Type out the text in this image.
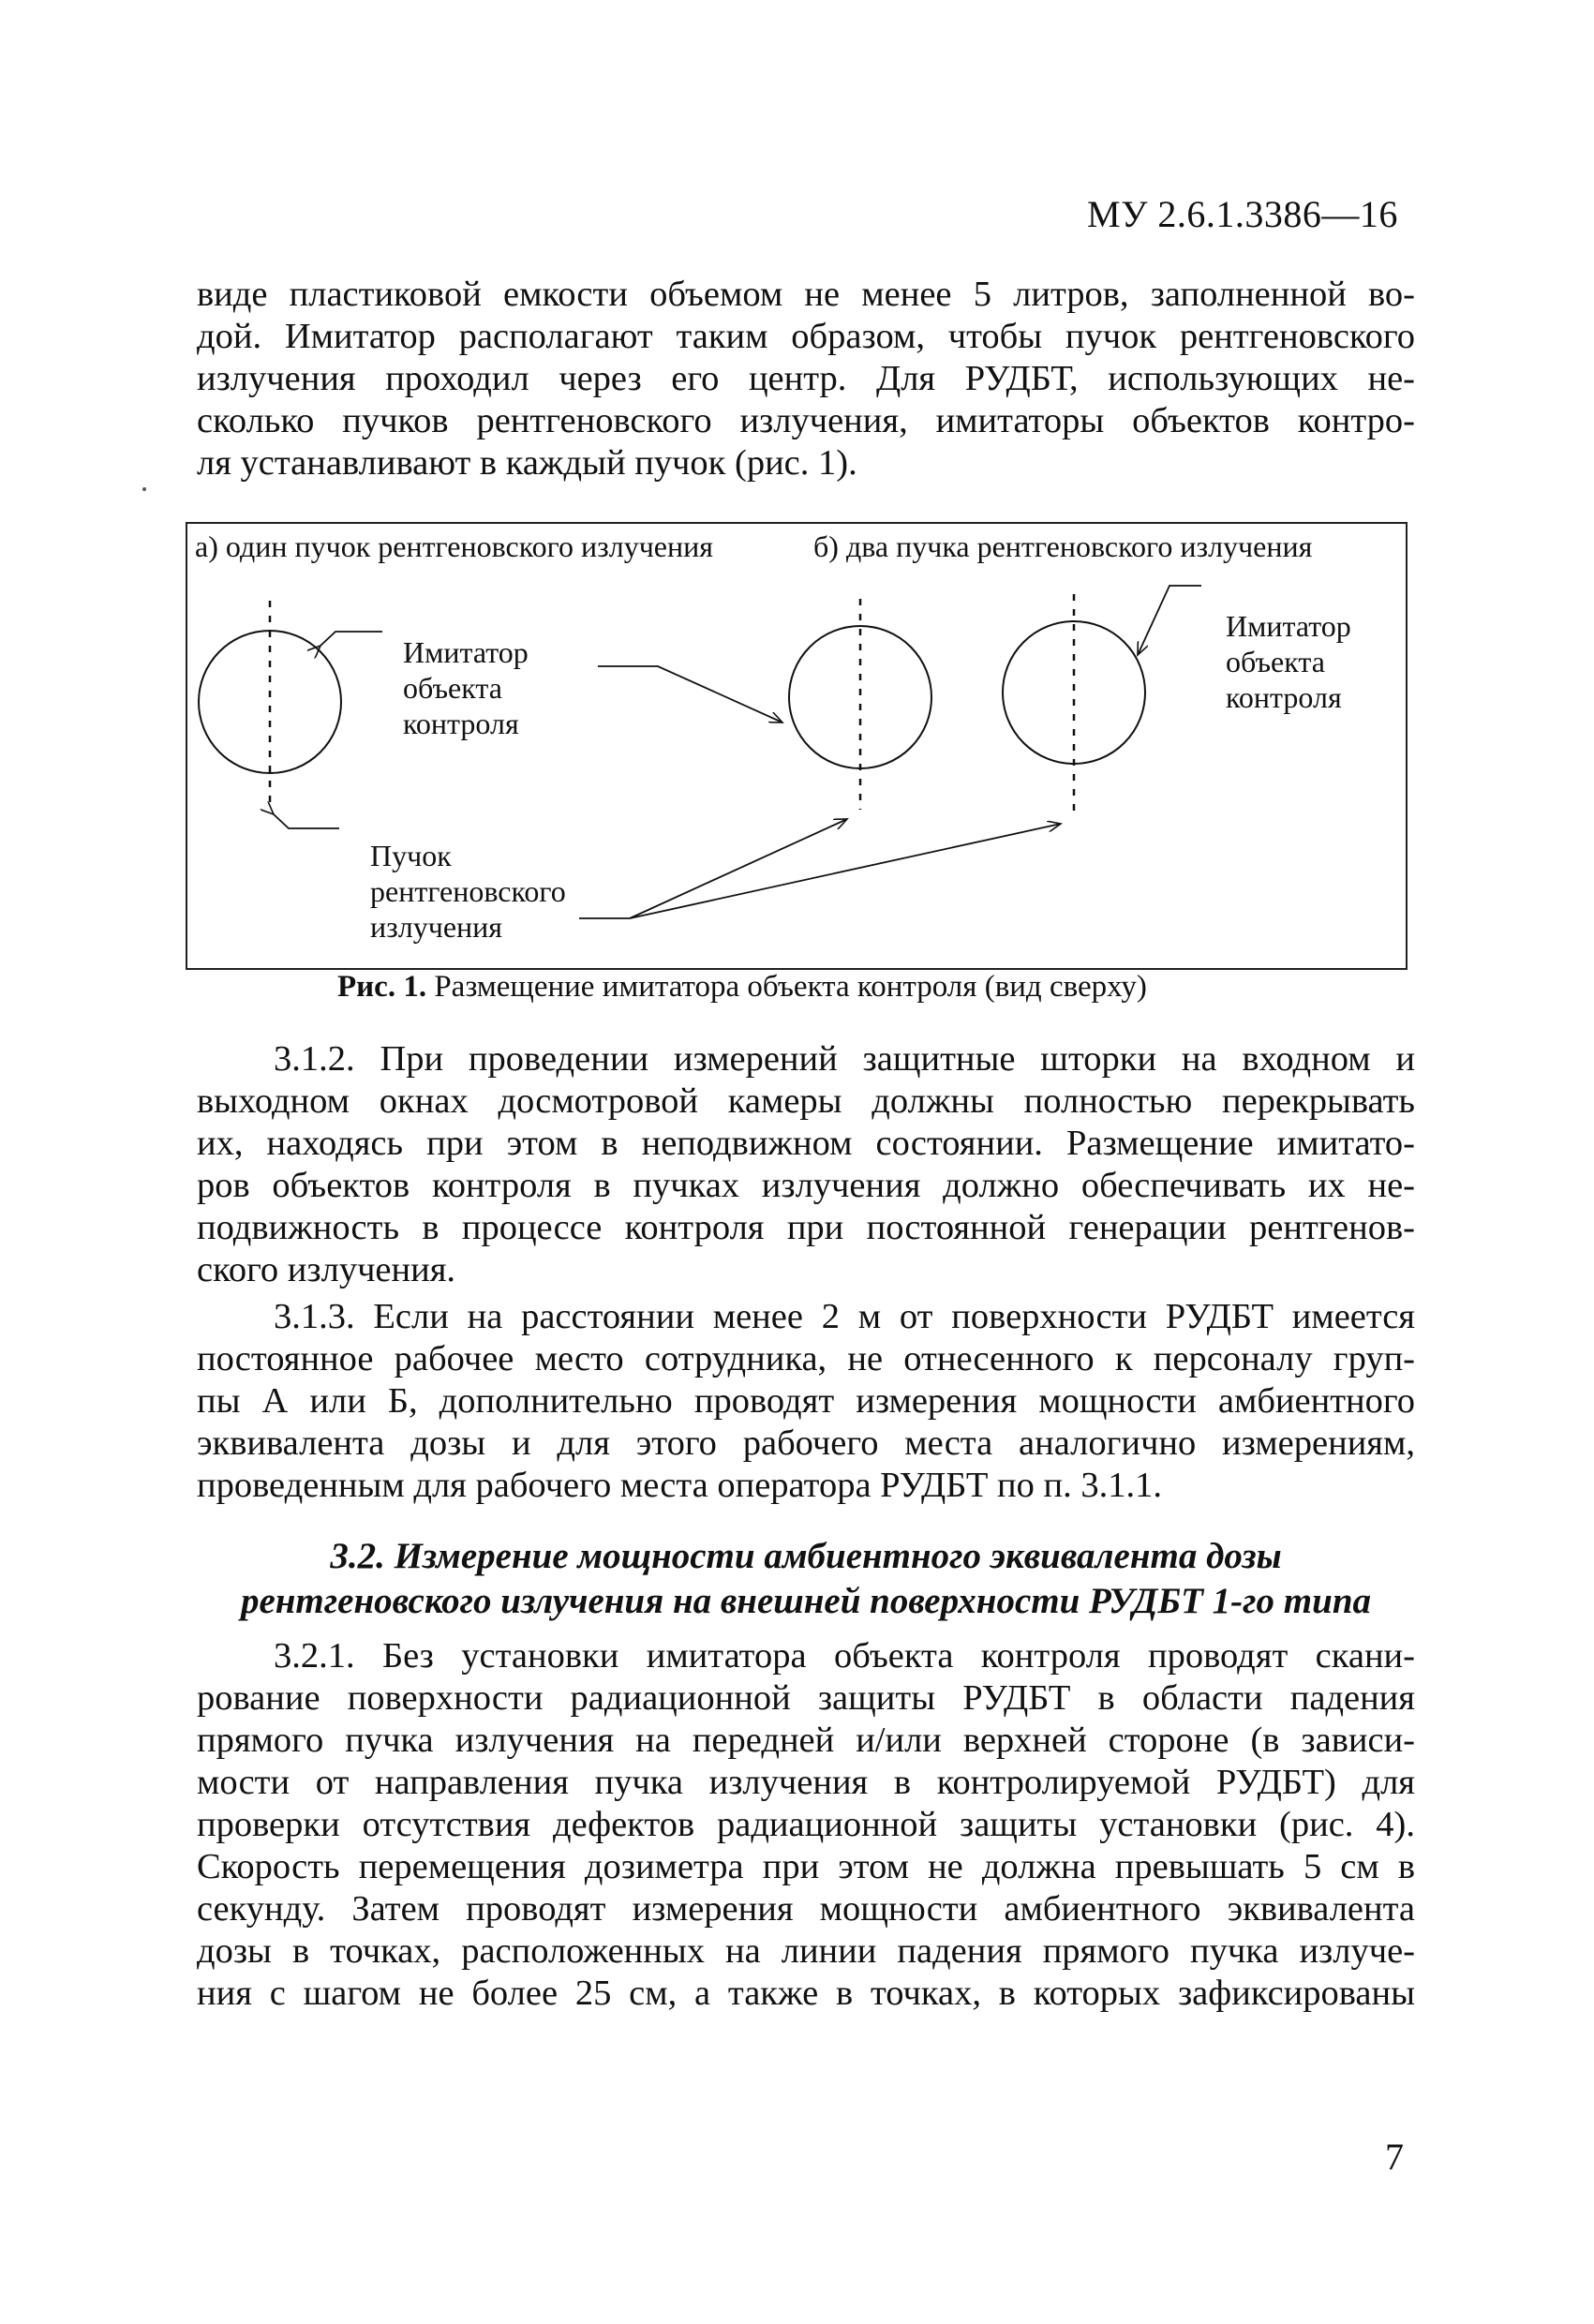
МУ 2.6.1.3386—16
виде пластиковой емкости объемом не менее 5 литров, заполненной во-
дой. Имитатор располагают таким образом, чтобы пучок рентгеновского
излучения проходил через его центр. Для РУДБТ, использующих не-
сколько пучков рентгеновского излучения, имитаторы объектов контро-
ля устанавливают в каждый пучок (рис. 1).
а) один пучок рентгеновского излучения	б) два пучка рентгеновского излучения
Имитатор
объекта
контроля
Имитатор
объекта
контроля
Пучок
рентгеновского
излучения
Рис. 1. Размещение имитатора объекта контроля (вид сверху)
3.1.2. При проведении измерений защитные шторки на входном и
выходном окнах досмотровой камеры должны полностью перекрывать
их, находясь при этом в неподвижном состоянии. Размещение имитато-
ров объектов контроля в пучках излучения должно обеспечивать их не-
подвижность в процессе контроля при постоянной генерации рентгенов-
ского излучения.
3.1.3. Если на расстоянии менее 2 м от поверхности РУДБТ имеется
постоянное рабочее место сотрудника, не отнесенного к персоналу груп-
пы А или Б, дополнительно проводят измерения мощности амбиентного
эквивалента дозы и для этого рабочего места аналогично измерениям,
проведенным для рабочего места оператора РУДБТ по п. 3.1.1.
3.2. Измерение мощности амбиентного эквивалента дозы
рентгеновского излучения на внешней поверхности РУДБТ 1-го типа
3.2.1. Без установки имитатора объекта контроля проводят скани-
рование поверхности радиационной защиты РУДБТ в области падения
прямого пучка излучения на передней и/или верхней стороне (в зависи-
мости от направления пучка излучения в контролируемой РУДБТ) для
проверки отсутствия дефектов радиационной защиты установки (рис. 4).
Скорость перемещения дозиметра при этом не должна превышать 5 см в
секунду. Затем проводят измерения мощности амбиентного эквивалента
дозы в точках, расположенных на линии падения прямого пучка излуче-
ния с шагом не более 25 см, а также в точках, в которых зафиксированы
7
